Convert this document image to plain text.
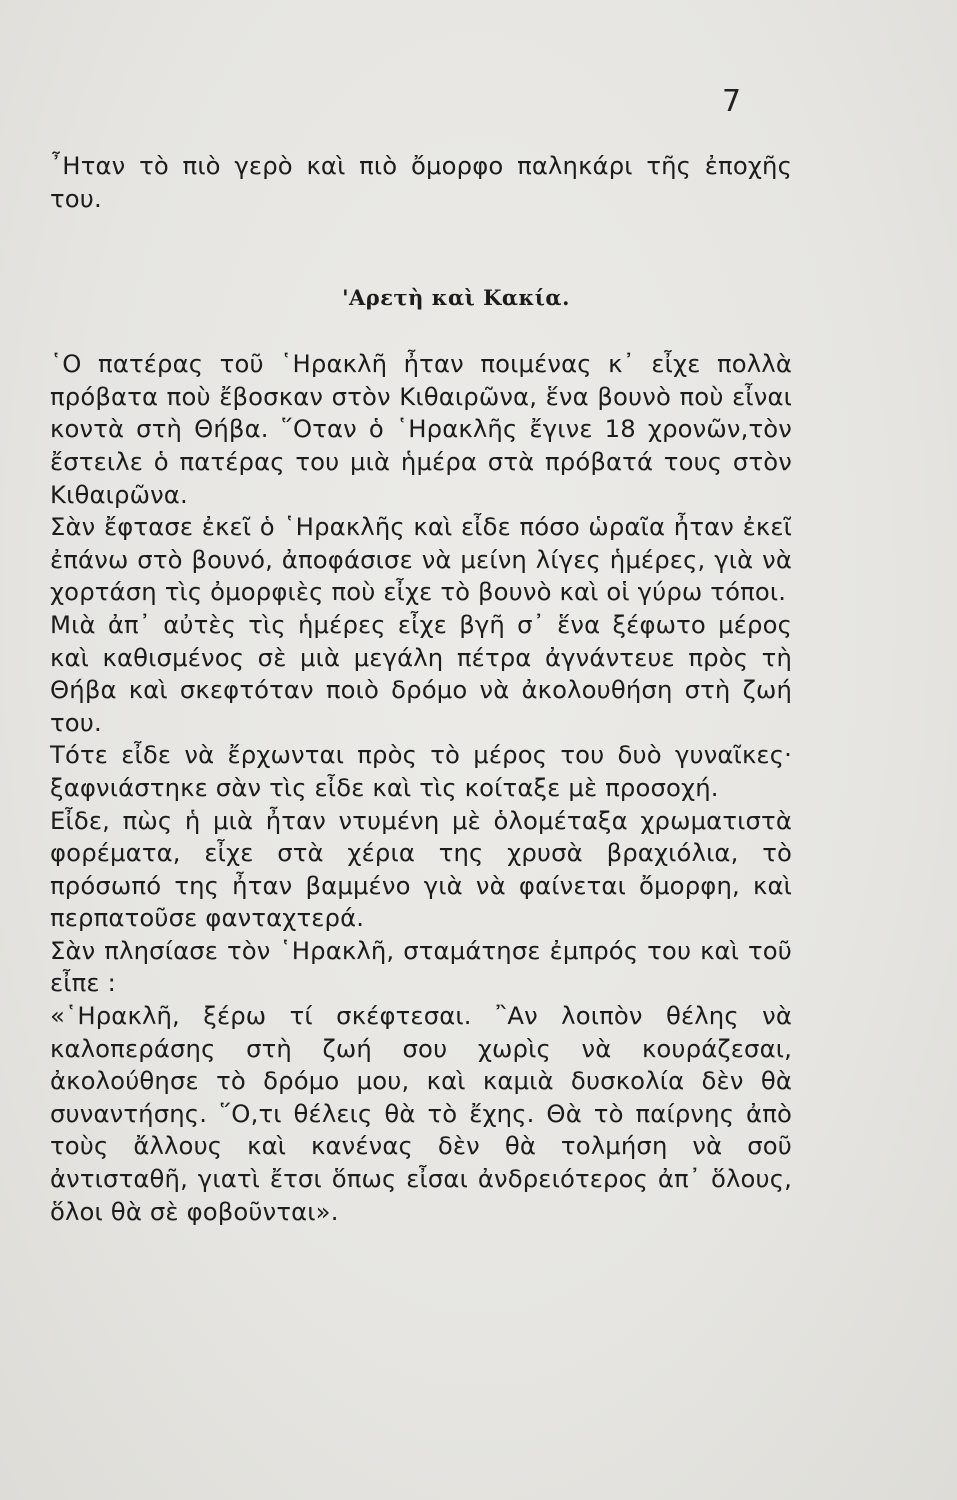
7

῏Ηταν τὸ πιὸ γερὸ καὶ πιὸ ὄμορφο παληκάρι τῆς ἐποχῆς του.

'Αρετὴ καὶ Κακία.

῾Ο πατέρας τοῦ ῾Ηρακλῆ ἦταν ποιμένας κ᾽ εἶχε πολλὰ πρόβατα ποὺ ἔβοσκαν στὸν Κιθαιρῶνα, ἕνα βουνὸ ποὺ εἶναι κοντὰ στὴ Θήβα. ῞Οταν ὁ ῾Ηρακλῆς ἔγινε 18 χρονῶν,τὸν ἔστειλε ὁ πατέρας του μιὰ ἡμέρα στὰ πρόβατά τους στὸν Κιθαιρῶνα.

Σὰν ἔφτασε ἐκεῖ ὁ ῾Ηρακλῆς καὶ εἶδε πόσο ὡραῖα ἦταν ἐκεῖ ἐπάνω στὸ βουνό, ἀποφάσισε νὰ μείνη λίγες ἡμέρες, γιὰ νὰ χορτάση τὶς ὀμορφιὲς ποὺ εἶχε τὸ βουνὸ καὶ οἱ γύρω τόποι.

Μιὰ ἀπ᾽ αὐτὲς τὶς ἡμέρες εἶχε βγῆ σ᾽ ἕνα ξέφωτο μέρος καὶ καθισμένος σὲ μιὰ μεγάλη πέτρα ἀγνάντευε πρὸς τὴ Θήβα καὶ σκεφτόταν ποιὸ δρόμο νὰ ἀκολουθήση στὴ ζωή του.

Τότε εἶδε νὰ ἔρχωνται πρὸς τὸ μέρος του δυὸ γυναῖκες· ξαφνιάστηκε σὰν τὶς εἶδε καὶ τὶς κοίταξε μὲ προσοχή.

Εἶδε, πὼς ἡ μιὰ ἦταν ντυμένη μὲ ὁλομέταξα χρωματιστὰ φορέματα, εἶχε στὰ χέρια της χρυσὰ βραχιόλια, τὸ πρόσωπό της ἦταν βαμμένο γιὰ νὰ φαίνεται ὄμορφη, καὶ περπατοῦσε φανταχτερά.

Σὰν πλησίασε τὸν ῾Ηρακλῆ, σταμάτησε ἐμπρός του καὶ τοῦ εἶπε :

«῾Ηρακλῆ, ξέρω τί σκέφτεσαι. ῍Αν λοιπὸν θέλης νὰ καλοπεράσης στὴ ζωή σου χωρὶς νὰ κουράζεσαι, ἀκολούθησε τὸ δρόμο μου, καὶ καμιὰ δυσκολία δὲν θὰ συναντήσης. ῞Ο,τι θέλεις θὰ τὸ ἔχης. Θὰ τὸ παίρνης ἀπὸ τοὺς ἄλλους καὶ κανένας δὲν θὰ τολμήση νὰ σοῦ ἀντισταθῆ, γιατὶ ἔτσι ὅπως εἶσαι ἀνδρειότερος ἀπ᾽ ὅλους, ὅλοι θὰ σὲ φοβοῦνται».
